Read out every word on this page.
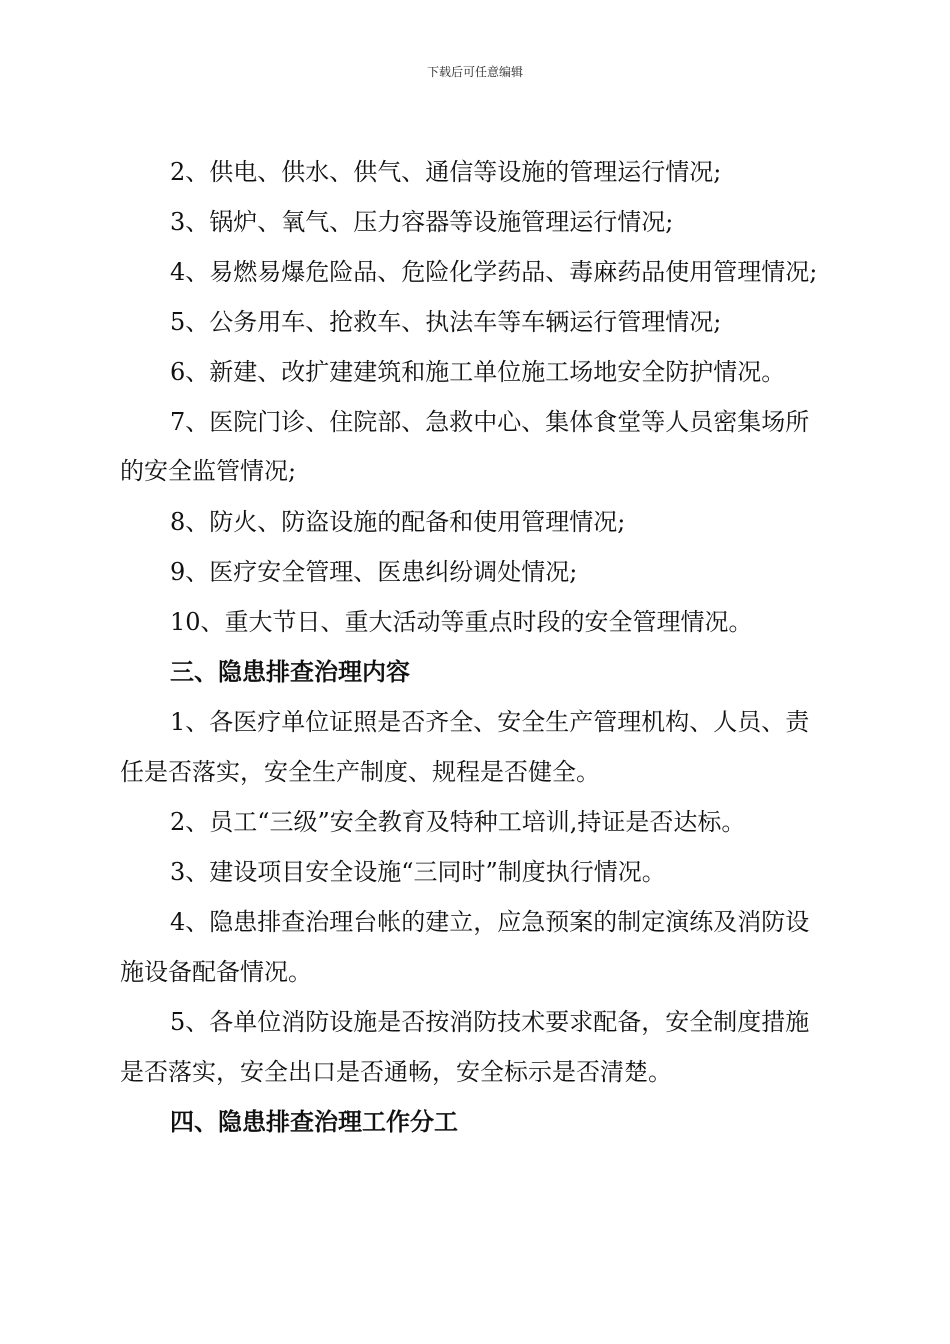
下载后可任意编辑
2、供电、供水、供气、通信等设施的管理运行情况;
3、锅炉、氧气、压力容器等设施管理运行情况;
4、易燃易爆危险品、危险化学药品、毒麻药品使用管理情况;
5、公务用车、抢救车、执法车等车辆运行管理情况;
6、新建、改扩建建筑和施工单位施工场地安全防护情况。
7、医院门诊、住院部、急救中心、集体食堂等人员密集场所
的安全监管情况;
8、防火、防盗设施的配备和使用管理情况;
9、医疗安全管理、医患纠纷调处情况;
10、重大节日、重大活动等重点时段的安全管理情况。
三、隐患排查治理内容
1、各医疗单位证照是否齐全、安全生产管理机构、人员、责
任是否落实，安全生产制度、规程是否健全。
2、员工“三级”安全教育及特种工培训,持证是否达标。
3、建设项目安全设施“三同时”制度执行情况。
4、隐患排查治理台帐的建立，应急预案的制定演练及消防设
施设备配备情况。
5、各单位消防设施是否按消防技术要求配备，安全制度措施
是否落实，安全出口是否通畅，安全标示是否清楚。
四、隐患排查治理工作分工
